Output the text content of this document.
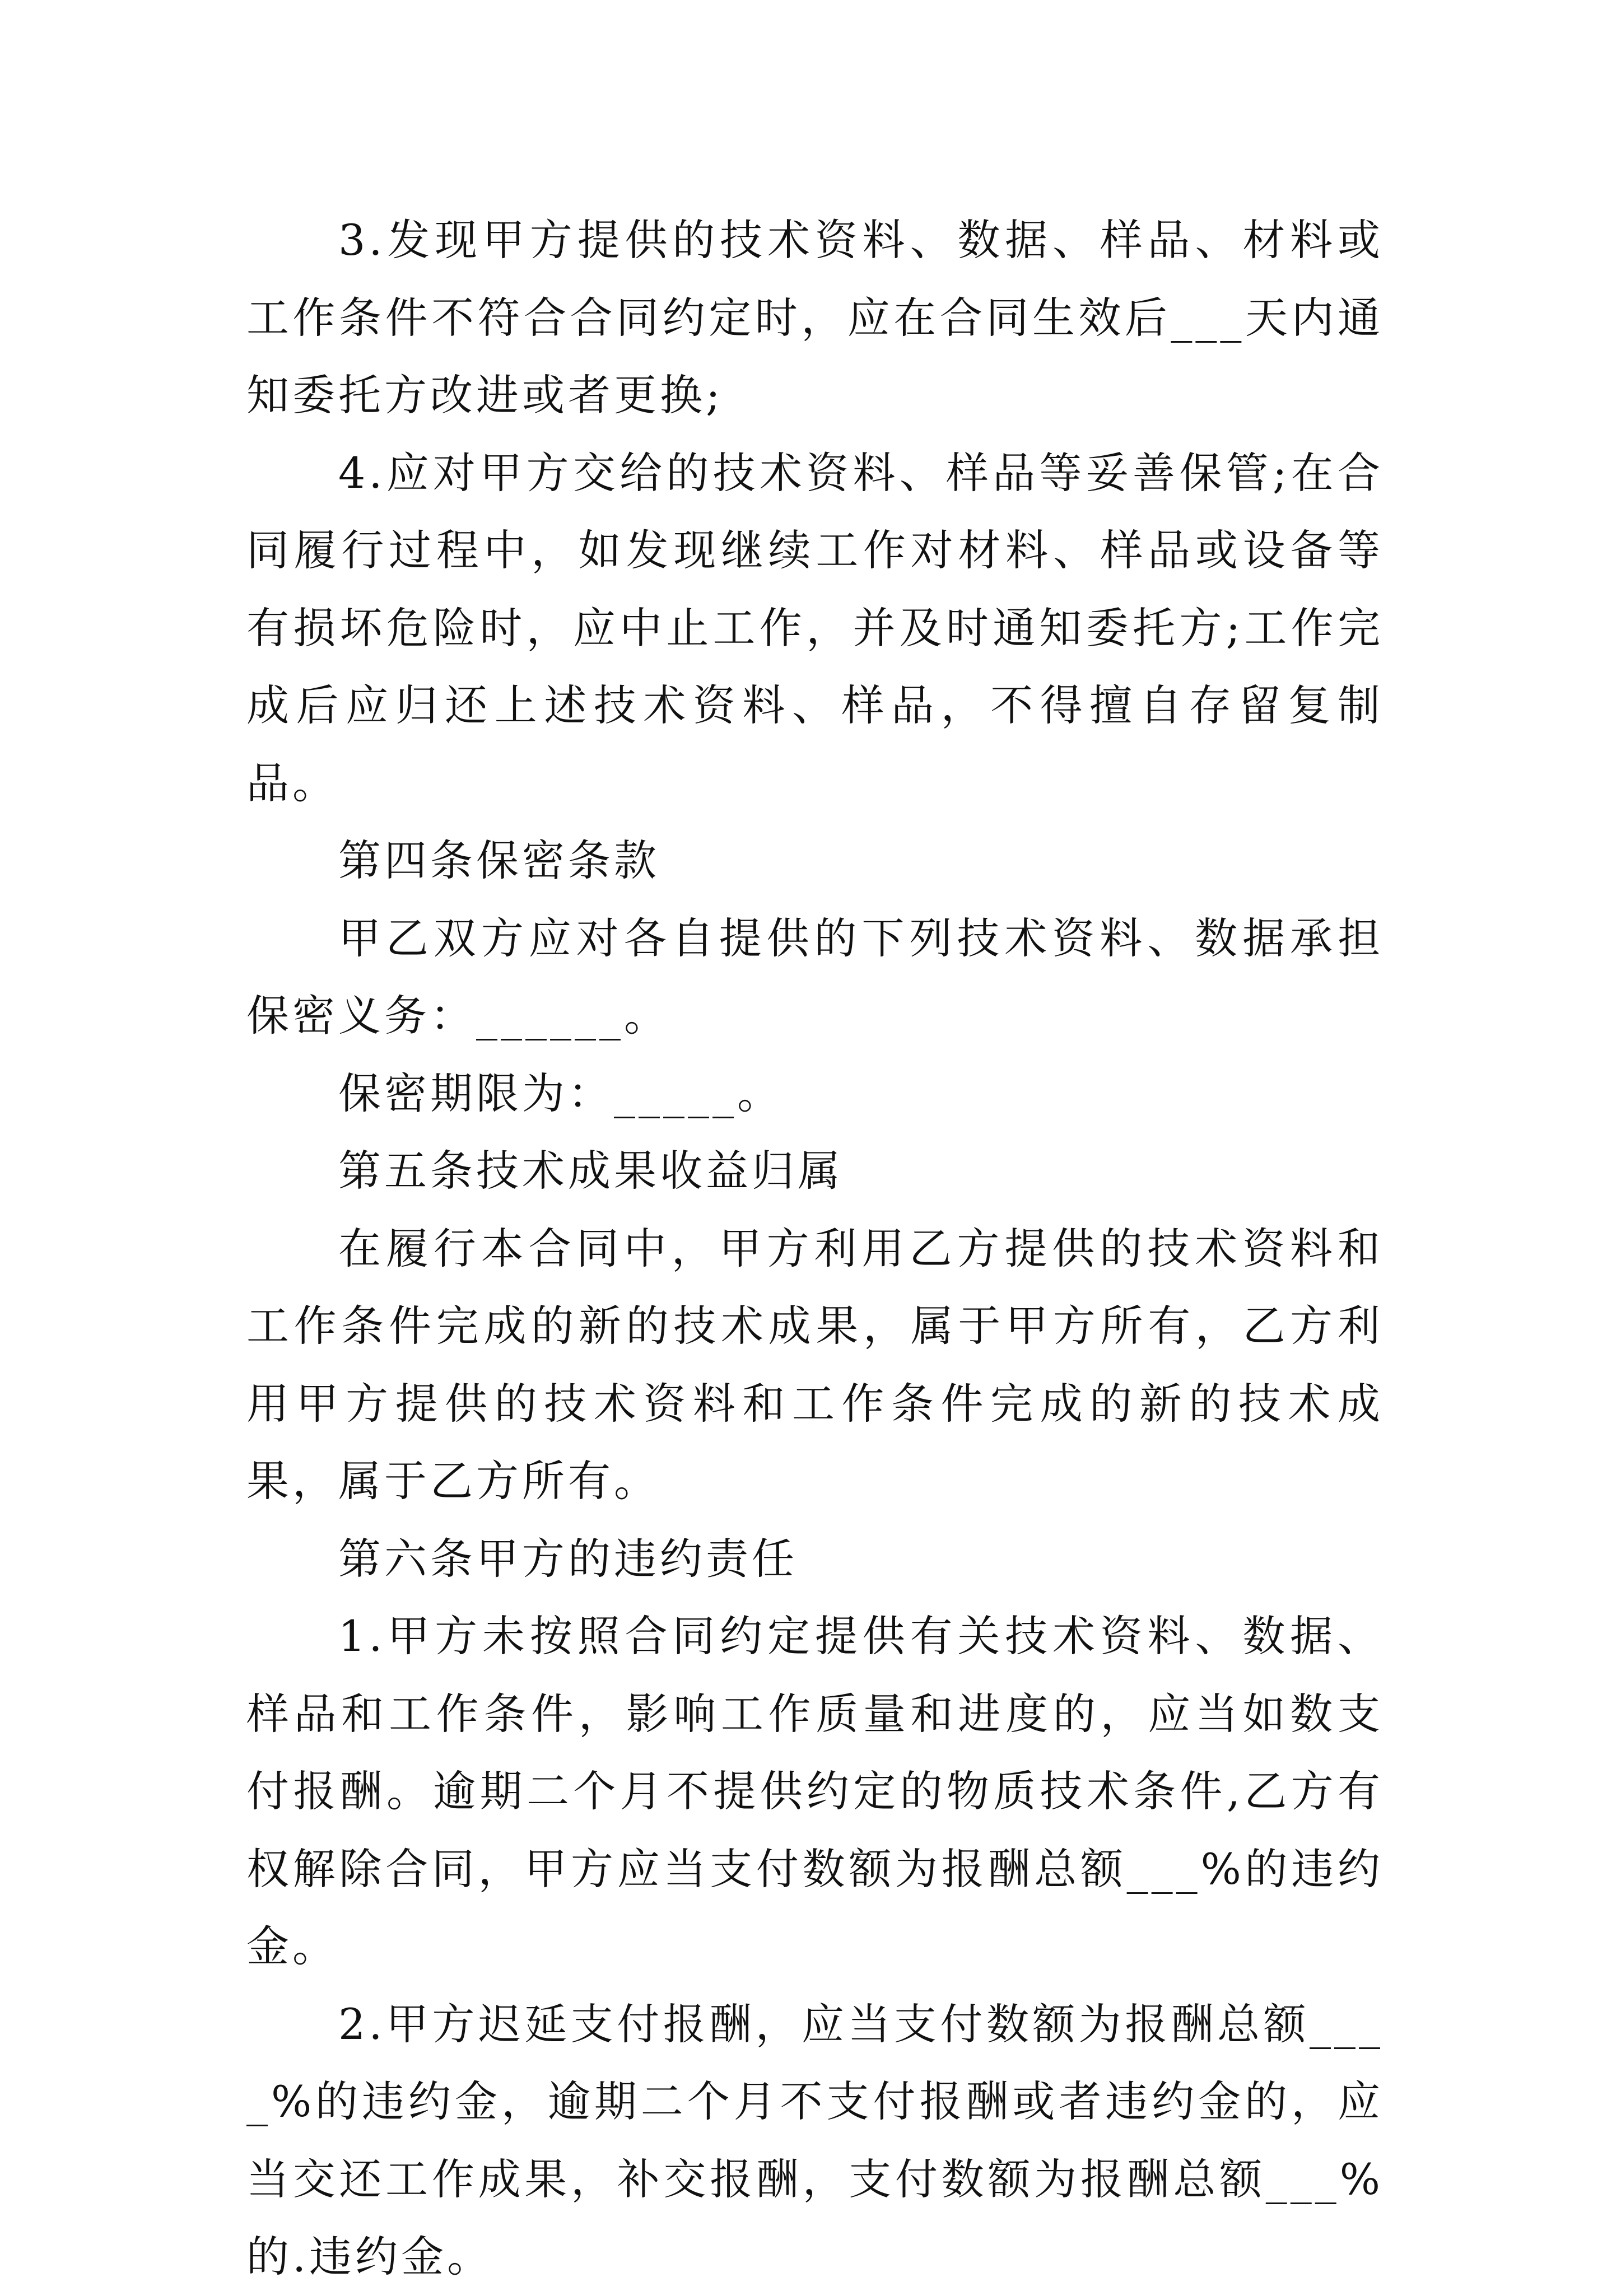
3.发现甲方提供的技术资料、数据、样品、材料或工作条件不符合合同约定时，应在合同生效后___天内通知委托方改进或者更换;

4.应对甲方交给的技术资料、样品等妥善保管;在合同履行过程中，如发现继续工作对材料、样品或设备等有损坏危险时，应中止工作，并及时通知委托方;工作完成后应归还上述技术资料、样品，不得擅自存留复制品。

第四条保密条款

甲乙双方应对各自提供的下列技术资料、数据承担保密义务：______。

保密期限为：_____。

第五条技术成果收益归属

在履行本合同中，甲方利用乙方提供的技术资料和工作条件完成的新的技术成果，属于甲方所有，乙方利用甲方提供的技术资料和工作条件完成的新的技术成果，属于乙方所有。

第六条甲方的违约责任

1.甲方未按照合同约定提供有关技术资料、数据、样品和工作条件，影响工作质量和进度的，应当如数支付报酬。逾期二个月不提供约定的物质技术条件,乙方有权解除合同，甲方应当支付数额为报酬总额___%的违约金。

2.甲方迟延支付报酬，应当支付数额为报酬总额____%的违约金，逾期二个月不支付报酬或者违约金的，应当交还工作成果，补交报酬，支付数额为报酬总额___%的.违约金。
